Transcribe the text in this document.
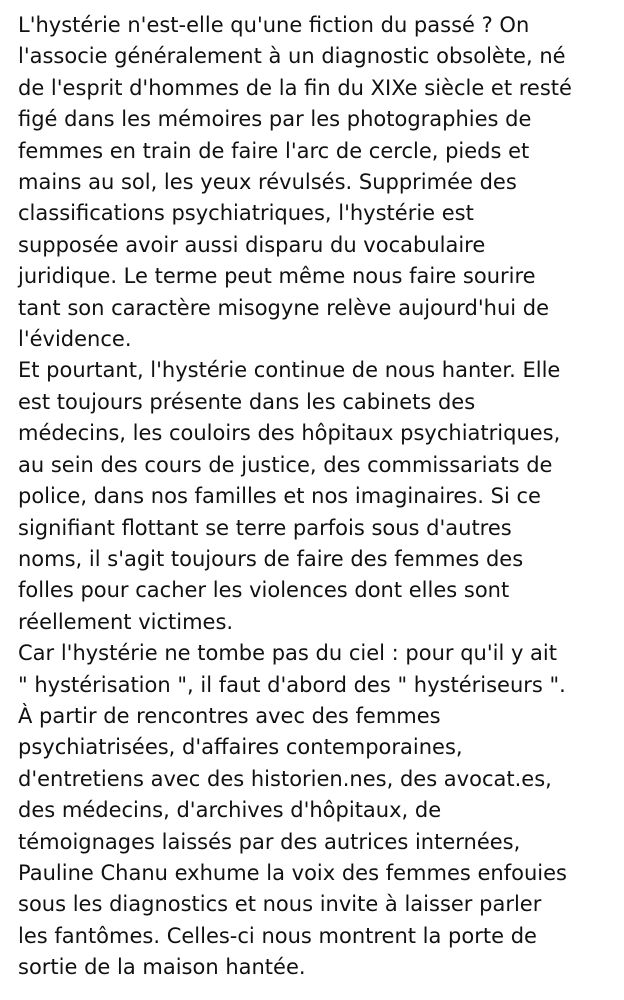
L'hystérie n'est-elle qu'une fiction du passé ? On
l'associe généralement à un diagnostic obsolète, né
de l'esprit d'hommes de la fin du XIXe siècle et resté
figé dans les mémoires par les photographies de
femmes en train de faire l'arc de cercle, pieds et
mains au sol, les yeux révulsés. Supprimée des
classifications psychiatriques, l'hystérie est
supposée avoir aussi disparu du vocabulaire
juridique. Le terme peut même nous faire sourire
tant son caractère misogyne relève aujourd'hui de
l'évidence.
Et pourtant, l'hystérie continue de nous hanter. Elle
est toujours présente dans les cabinets des
médecins, les couloirs des hôpitaux psychiatriques,
au sein des cours de justice, des commissariats de
police, dans nos familles et nos imaginaires. Si ce
signifiant flottant se terre parfois sous d'autres
noms, il s'agit toujours de faire des femmes des
folles pour cacher les violences dont elles sont
réellement victimes.
Car l'hystérie ne tombe pas du ciel : pour qu'il y ait
" hystérisation ", il faut d'abord des " hystériseurs ".
À partir de rencontres avec des femmes
psychiatrisées, d'affaires contemporaines,
d'entretiens avec des historien.nes, des avocat.es,
des médecins, d'archives d'hôpitaux, de
témoignages laissés par des autrices internées,
Pauline Chanu exhume la voix des femmes enfouies
sous les diagnostics et nous invite à laisser parler
les fantômes. Celles-ci nous montrent la porte de
sortie de la maison hantée.
